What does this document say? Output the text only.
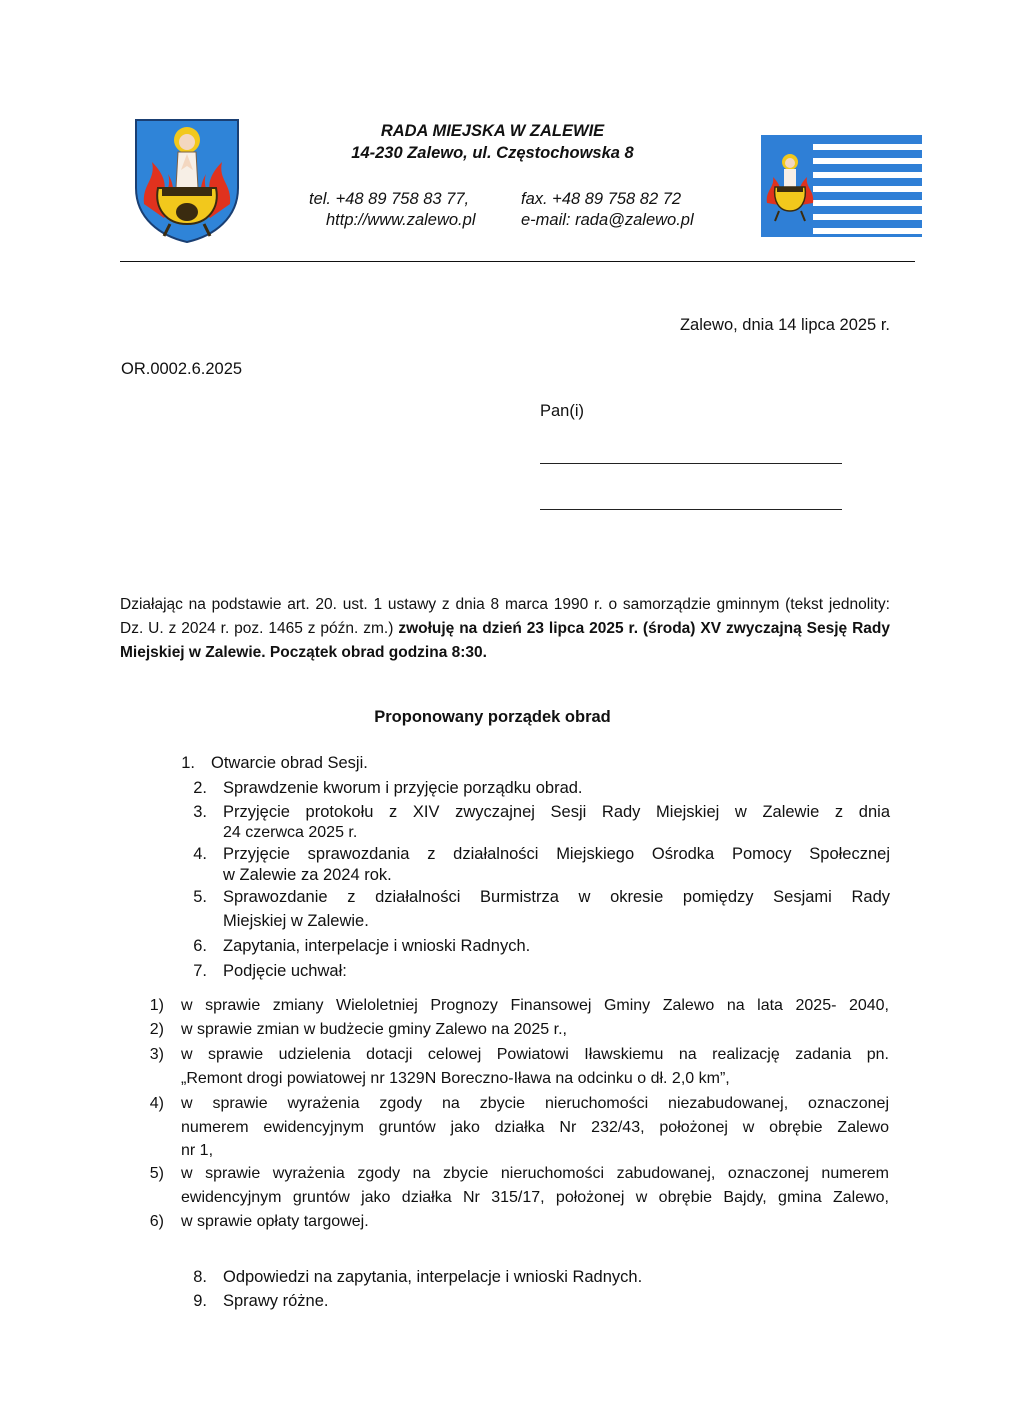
RADA MIEJSKA W ZALEWIE
14-230 Zalewo, ul. Częstochowska 8
tel. +48 89 758 83 77,	fax. +48 89 758 82 72
http://www.zalewo.pl	e-mail: rada@zalewo.pl
Zalewo, dnia 14 lipca 2025 r.
OR.0002.6.2025
Pan(i)
Działając na podstawie art. 20. ust. 1 ustawy z dnia 8 marca 1990 r. o samorządzie gminnym (tekst jednolity: Dz. U. z 2024 r. poz. 1465 z późn. zm.) zwołuję na dzień 23 lipca 2025 r. (środa) XV zwyczajną Sesję Rady Miejskiej w Zalewie. Początek obrad godzina 8:30.
Proponowany porządek obrad
1. Otwarcie obrad Sesji.
2. Sprawdzenie kworum i przyjęcie porządku obrad.
3. Przyjęcie protokołu z XIV zwyczajnej Sesji Rady Miejskiej w Zalewie z dnia
24 czerwca 2025 r.
4. Przyjęcie sprawozdania z działalności Miejskiego Ośrodka Pomocy Społecznej
w Zalewie za 2024 rok.
5. Sprawozdanie z działalności Burmistrza w okresie pomiędzy Sesjami Rady
Miejskiej w Zalewie.
6. Zapytania, interpelacje i wnioski Radnych.
7. Podjęcie uchwał:
1) w sprawie zmiany Wieloletniej Prognozy Finansowej Gminy Zalewo na lata 2025- 2040,
2) w sprawie zmian w budżecie gminy Zalewo na 2025 r.,
3) w sprawie udzielenia dotacji celowej Powiatowi Iławskiemu na realizację zadania pn.
„Remont drogi powiatowej nr 1329N Boreczno-Iława na odcinku o dł. 2,0 km”,
4) w sprawie wyrażenia zgody na zbycie nieruchomości niezabudowanej, oznaczonej
numerem ewidencyjnym gruntów jako działka Nr 232/43, położonej w obrębie Zalewo
nr 1,
5) w sprawie wyrażenia zgody na zbycie nieruchomości zabudowanej, oznaczonej numerem
ewidencyjnym gruntów jako działka Nr 315/17, położonej w obrębie Bajdy, gmina Zalewo,
6) w sprawie opłaty targowej.
8. Odpowiedzi na zapytania, interpelacje i wnioski Radnych.
9. Sprawy różne.
